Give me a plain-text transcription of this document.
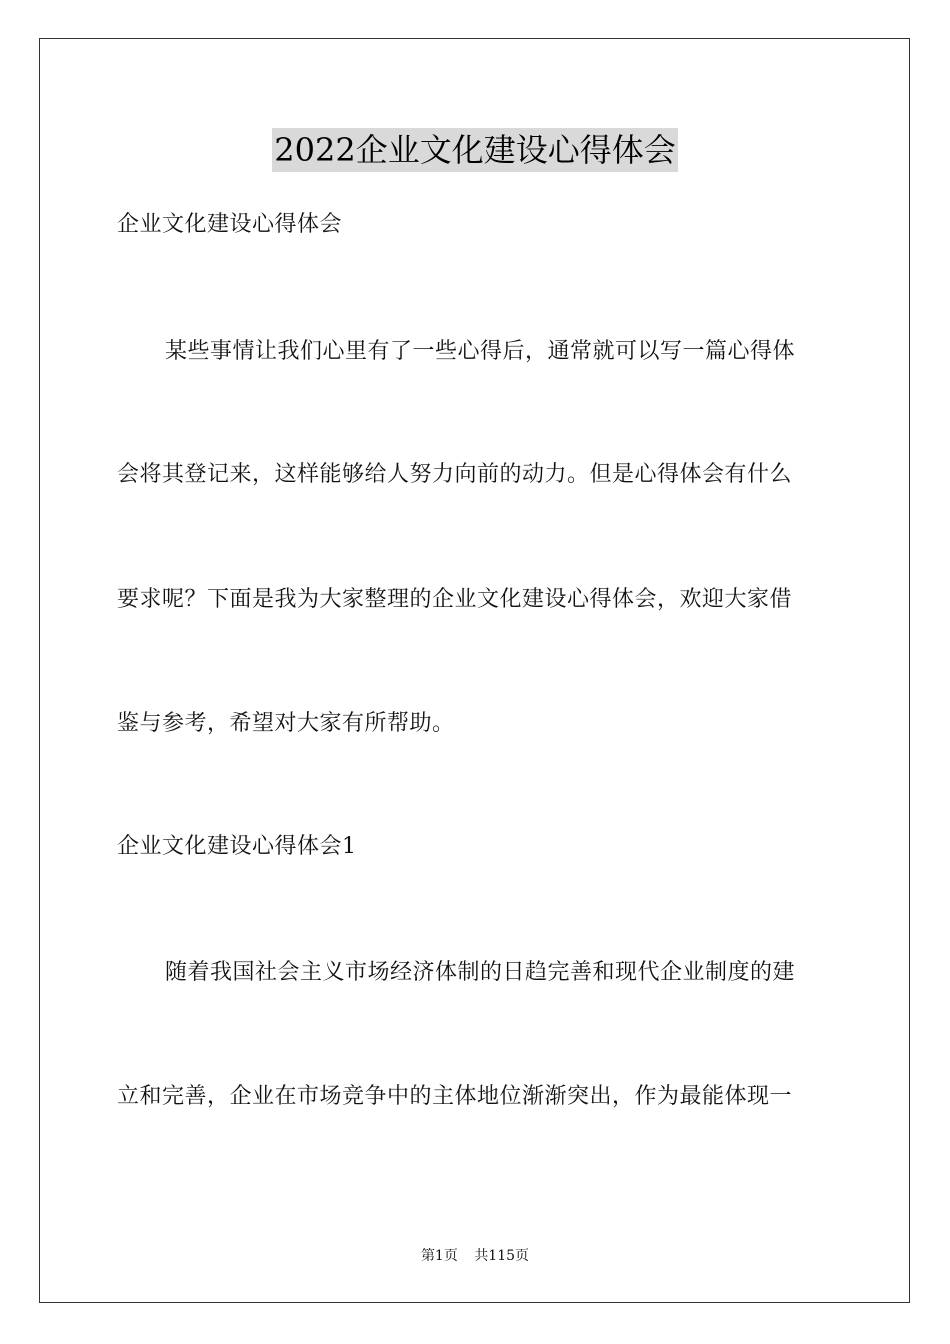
2022企业文化建设心得体会
企业文化建设心得体会
某些事情让我们心里有了一些心得后，通常就可以写一篇心得体
会将其登记来，这样能够给人努力向前的动力。但是心得体会有什么
要求呢？下面是我为大家整理的企业文化建设心得体会，欢迎大家借
鉴与参考，希望对大家有所帮助。
企业文化建设心得体会1
随着我国社会主义市场经济体制的日趋完善和现代企业制度的建
立和完善，企业在市场竞争中的主体地位渐渐突出，作为最能体现一
第1页 共115页
